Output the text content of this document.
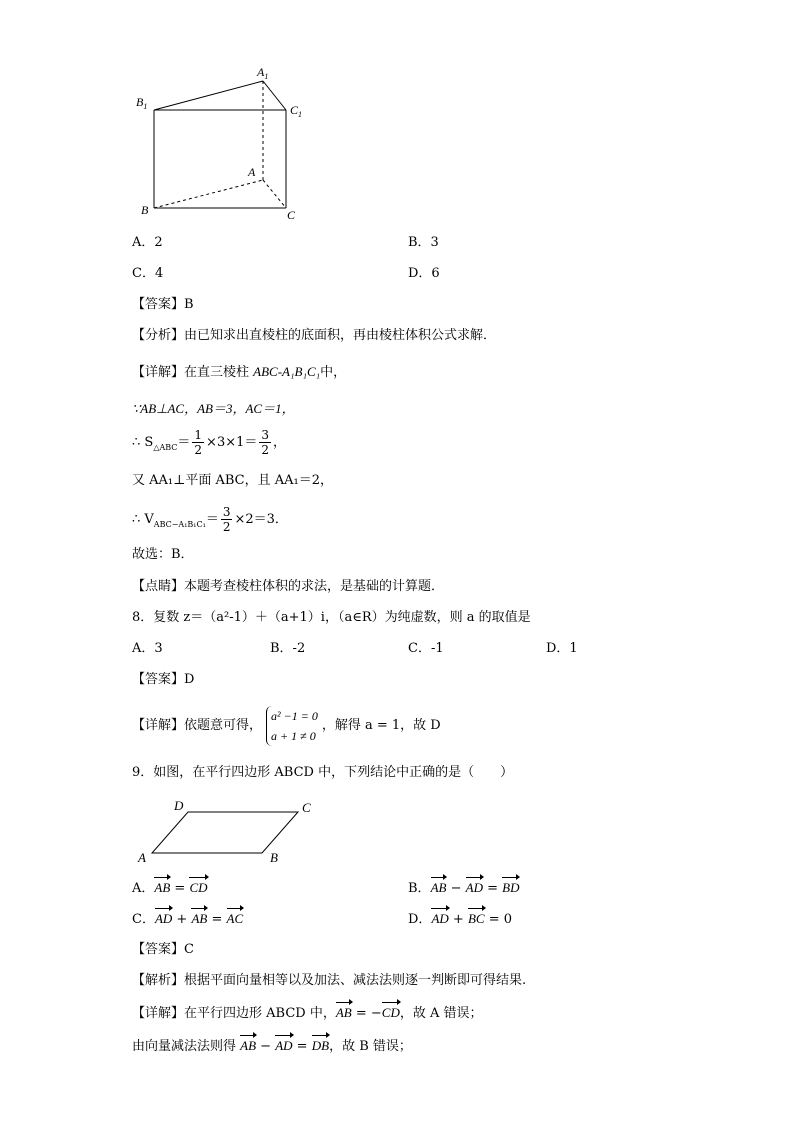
$A_1$
$B_1$	$C_1$
A
B	C
A．2	B．3
C．4	D．6
【答案】B
【分析】由已知求出直棱柱的底面积，再由棱柱体积公式求解．
【详解】在直三棱柱 ABC-A₁B₁C₁中，
∵AB⊥AC，AB＝3，AC＝1，
∴ $S_{\triangle ABC}= \frac{1}{2} \times 3\times 1= \frac{3}{2}$ ，
又 AA₁⊥平面 ABC，且 AA₁＝2，
∴ $V_{ABC-A_1B_1C_1}= \frac{3}{2} \times 2=3$．
故选：B．
【点睛】本题考查棱柱体积的求法，是基础的计算题．
8．复数 z＝（a²-1）＋（a+1）i，（a∈R）为纯虚数，则 a 的取值是
A．3	B．-2	C．-1	D．1
【答案】D
【详解】依题意可得，
a² −1 = 0
a + 1 ≠ 0
，解得 a = 1，故 D
9．如图，在平行四边形 ABCD 中，下列结论中正确的是（　　）
D	C
A	B
A．AB = CD	B．AB − AD = BD
C．AD + AB = AC	D．AD + BC = 0
【答案】C
【解析】根据平面向量相等以及加法、减法法则逐一判断即可得结果.
【详解】在平行四边形 ABCD 中，AB = −CD，故 A 错误；
由向量减法法则得 AB − AD = DB，故 B 错误；
